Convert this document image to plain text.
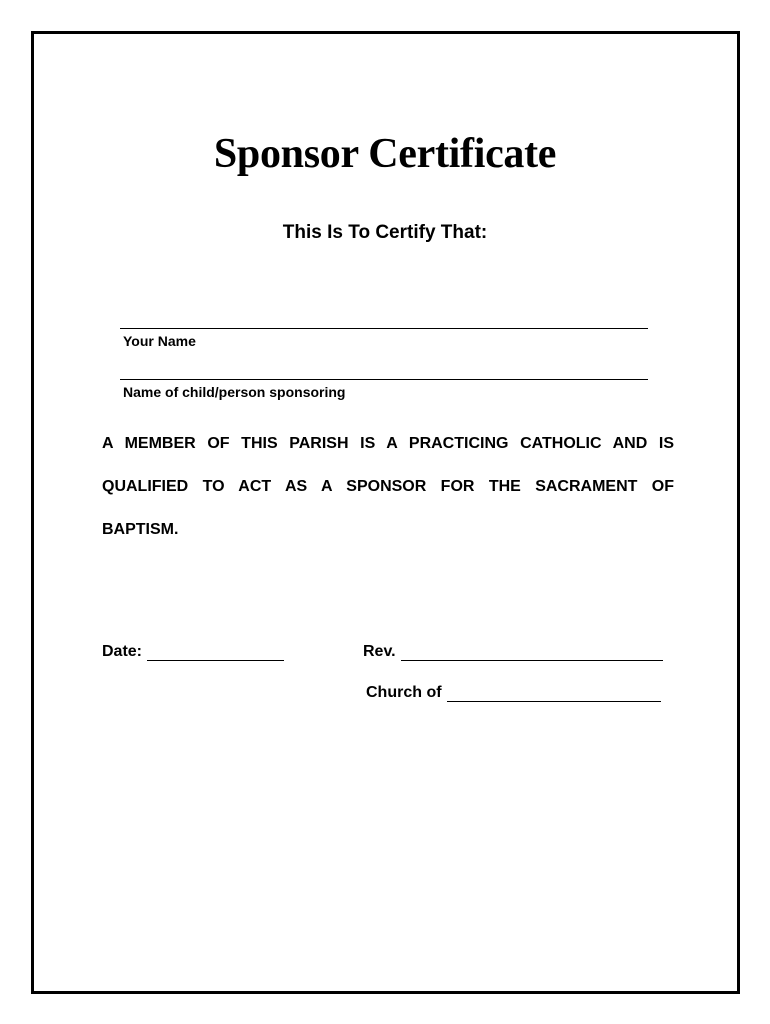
Sponsor Certificate
This Is To Certify That:
Your Name
Name of child/person sponsoring
A MEMBER OF THIS PARISH IS A PRACTICING CATHOLIC AND IS
QUALIFIED TO ACT AS A SPONSOR FOR THE SACRAMENT OF
BAPTISM.
Date:	Rev.
Church of
